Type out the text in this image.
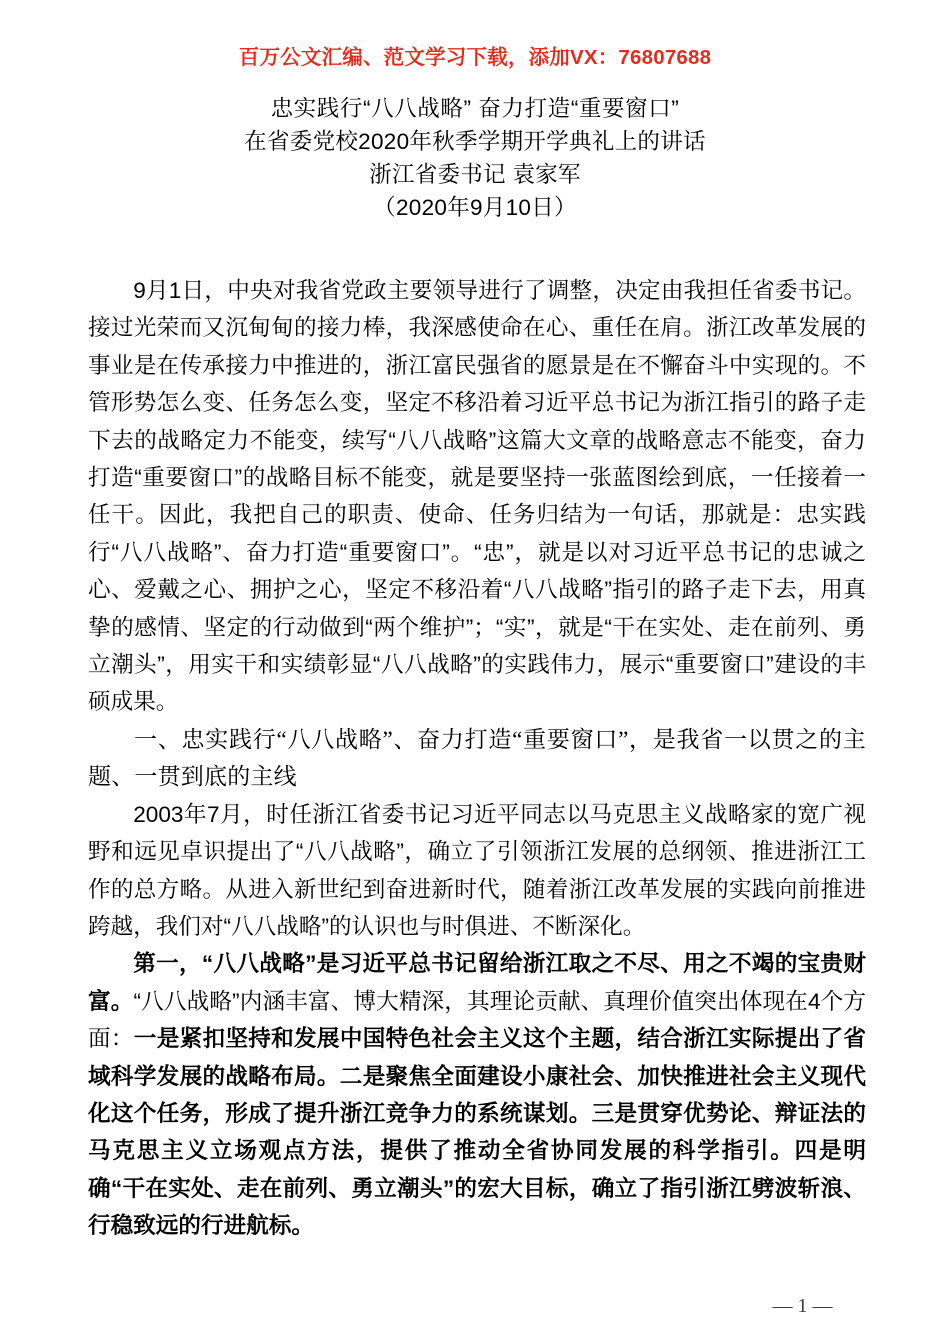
百万公文汇编、范文学习下载，添加VX：76807688
忠实践行“八八战略” 奋力打造“重要窗口”
在省委党校2020年秋季学期开学典礼上的讲话
浙江省委书记 袁家军
（2020年9月10日）

9月1日，中央对我省党政主要领导进行了调整，决定由我担任省委书记。接过光荣而又沉甸甸的接力棒，我深感使命在心、重任在肩。浙江改革发展的事业是在传承接力中推进的，浙江富民强省的愿景是在不懈奋斗中实现的。不管形势怎么变、任务怎么变，坚定不移沿着习近平总书记为浙江指引的路子走下去的战略定力不能变，续写“八八战略”这篇大文章的战略意志不能变，奋力打造“重要窗口”的战略目标不能变，就是要坚持一张蓝图绘到底，一任接着一任干。因此，我把自己的职责、使命、任务归结为一句话，那就是：忠实践行“八八战略”、奋力打造“重要窗口”。“忠”，就是以对习近平总书记的忠诚之心、爱戴之心、拥护之心，坚定不移沿着“八八战略”指引的路子走下去，用真挚的感情、坚定的行动做到“两个维护”；“实”，就是“干在实处、走在前列、勇立潮头”，用实干和实绩彰显“八八战略”的实践伟力，展示“重要窗口”建设的丰硕成果。

一、忠实践行“八八战略”、奋力打造“重要窗口”，是我省一以贯之的主题、一贯到底的主线

2003年7月，时任浙江省委书记习近平同志以马克思主义战略家的宽广视野和远见卓识提出了“八八战略”，确立了引领浙江发展的总纲领、推进浙江工作的总方略。从进入新世纪到奋进新时代，随着浙江改革发展的实践向前推进跨越，我们对“八八战略”的认识也与时俱进、不断深化。

第一，“八八战略”是习近平总书记留给浙江取之不尽、用之不竭的宝贵财富。“八八战略”内涵丰富、博大精深，其理论贡献、真理价值突出体现在4个方面：一是紧扣坚持和发展中国特色社会主义这个主题，结合浙江实际提出了省域科学发展的战略布局。二是聚焦全面建设小康社会、加快推进社会主义现代化这个任务，形成了提升浙江竞争力的系统谋划。三是贯穿优势论、辩证法的马克思主义立场观点方法，提供了推动全省协同发展的科学指引。四是明确“干在实处、走在前列、勇立潮头”的宏大目标，确立了指引浙江劈波斩浪、行稳致远的行进航标。

— 1 —
